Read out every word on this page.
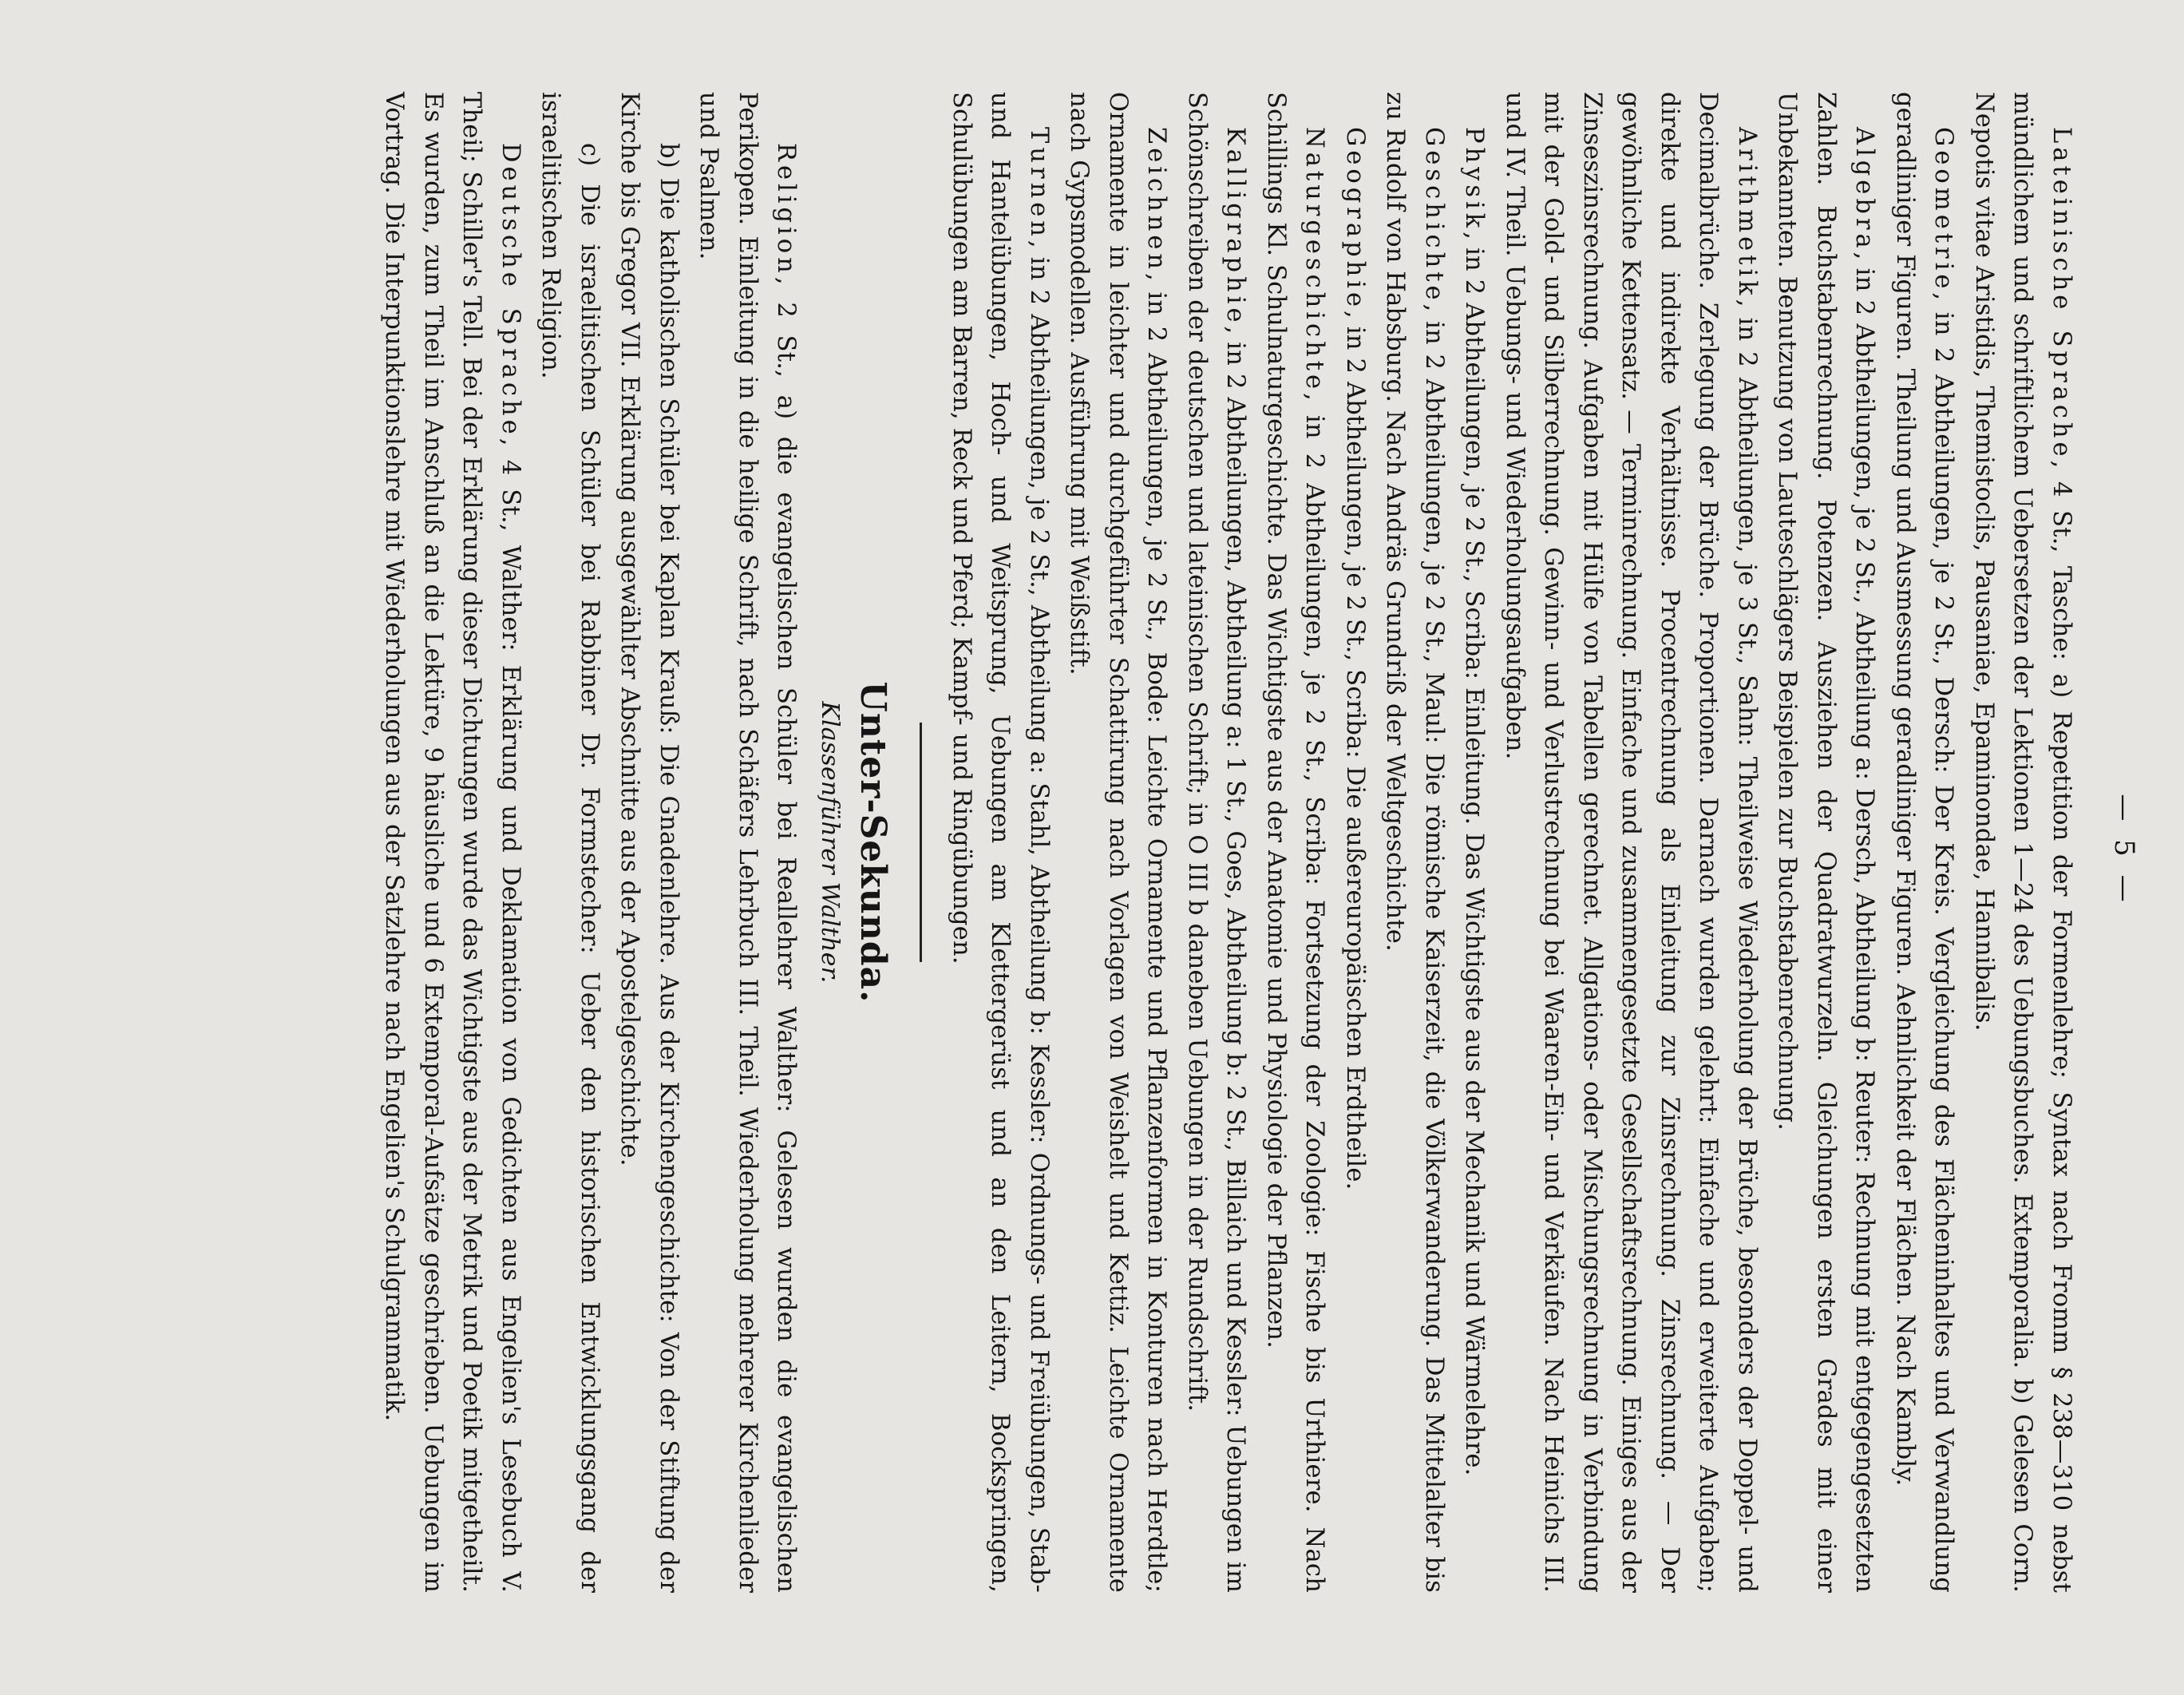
— 5 —

Lateinische Sprache, 4 St., Tasche: a) Repetition der Formenlehre; Syntax nach Fromm § 238—310 nebst mündlichem und schriftlichem Uebersetzen der Lektionen 1—24 des Uebungsbuches. Extemporalia. b) Gelesen Corn. Nepotis vitae Aristidis, Themistoclis, Pausaniae, Epaminondae, Hannibalis.

Geometrie, in 2 Abtheilungen, je 2 St., Dersch: Der Kreis. Vergleichung des Flächeninhaltes und Verwandlung geradliniger Figuren. Theilung und Ausmessung geradliniger Figuren. Aehnlichkeit der Flächen. Nach Kambly.

Algebra, in 2 Abtheilungen, je 2 St., Abtheilung a: Dersch, Abtheilung b: Reuter: Rechnung mit entgegengesetzten Zahlen. Buchstabenrechnung. Potenzen. Ausziehen der Quadratwurzeln. Gleichungen ersten Grades mit einer Unbekannten. Benutzung von Lauteschlägers Beispielen zur Buchstabenrechnung.

Arithmetik, in 2 Abtheilungen, je 3 St., Sahn: Theilweise Wiederholung der Brüche, besonders der Doppel- und Decimalbrüche. Zerlegung der Brüche. Proportionen. Darnach wurden gelehrt: Einfache und erweiterte Aufgaben; direkte und indirekte Verhältnisse. Procentrechnung als Einleitung zur Zinsrechnung. Zinsrechnung. — Der gewöhnliche Kettensatz. — Terminrechnung. Einfache und zusammengesetzte Gesellschaftsrechnung. Einiges aus der Zinseszinsrechnung. Aufgaben mit Hülfe von Tabellen gerechnet. Allgations- oder Mischungsrechnung in Verbindung mit der Gold- und Silberrechnung. Gewinn- und Verlustrechnung bei Waaren-Ein- und Verkäufen. Nach Heinichs III. und IV. Theil. Uebungs- und Wiederholungsaufgaben.

Physik, in 2 Abtheilungen, je 2 St., Scriba: Einleitung. Das Wichtigste aus der Mechanik und Wärmelehre.

Geschichte, in 2 Abtheilungen, je 2 St., Maul: Die römische Kaiserzeit, die Völkerwanderung. Das Mittelalter bis zu Rudolf von Habsburg. Nach Andräs Grundriß der Weltgeschichte.

Geographie, in 2 Abtheilungen, je 2 St., Scriba: Die außereuropäischen Erdtheile.

Naturgeschichte, in 2 Abtheilungen, je 2 St., Scriba: Fortsetzung der Zoologie: Fische bis Urthiere. Nach Schillings Kl. Schulnaturgeschichte. Das Wichtigste aus der Anatomie und Physiologie der Pflanzen.

Kalligraphie, in 2 Abtheilungen, Abtheilung a: 1 St., Goes, Abtheilung b: 2 St., Billaich und Kessler: Uebungen im Schönschreiben der deutschen und lateinischen Schrift; in O III b daneben Uebungen in der Rundschrift.

Zeichnen, in 2 Abtheilungen, je 2 St., Bode: Leichte Ornamente und Pflanzenformen in Konturen nach Herdtle; Ornamente in leichter und durchgeführter Schattirung nach Vorlagen von Weishelt und Kettiz. Leichte Ornamente nach Gypsmodellen. Ausführung mit Weißstift.

Turnen, in 2 Abtheilungen, je 2 St., Abtheilung a: Stahl, Abtheilung b: Kessler: Ordnungs- und Freiübungen, Stab- und Hantelübungen, Hoch- und Weitsprung, Uebungen am Klettergerüst und an den Leitern, Bockspringen, Schulübungen am Barren, Reck und Pferd; Kampf- und Ringübungen.

Unter-Sekunda.
Klassenführer Walther.

Religion, 2 St., a) die evangelischen Schüler bei Reallehrer Walther: Gelesen wurden die evangelischen Perikopen. Einleitung in die heilige Schrift, nach Schäfers Lehrbuch III. Theil. Wiederholung mehrerer Kirchenlieder und Psalmen.

b) Die katholischen Schüler bei Kaplan Krauß: Die Gnadenlehre. Aus der Kirchengeschichte: Von der Stiftung der Kirche bis Gregor VII. Erklärung ausgewählter Abschnitte aus der Apostelgeschichte.

c) Die israelitischen Schüler bei Rabbiner Dr. Formstecher: Ueber den historischen Entwicklungsgang der israelitischen Religion.

Deutsche Sprache, 4 St., Walther: Erklärung und Deklamation von Gedichten aus Engelien's Lesebuch V. Theil; Schiller's Tell. Bei der Erklärung dieser Dichtungen wurde das Wichtigste aus der Metrik und Poetik mitgetheilt. Es wurden, zum Theil im Anschluß an die Lektüre, 9 häusliche und 6 Extemporal-Aufsätze geschrieben. Uebungen im Vortrag. Die Interpunktionslehre mit Wiederholungen aus der Satzlehre nach Engelien's Schulgrammatik.
